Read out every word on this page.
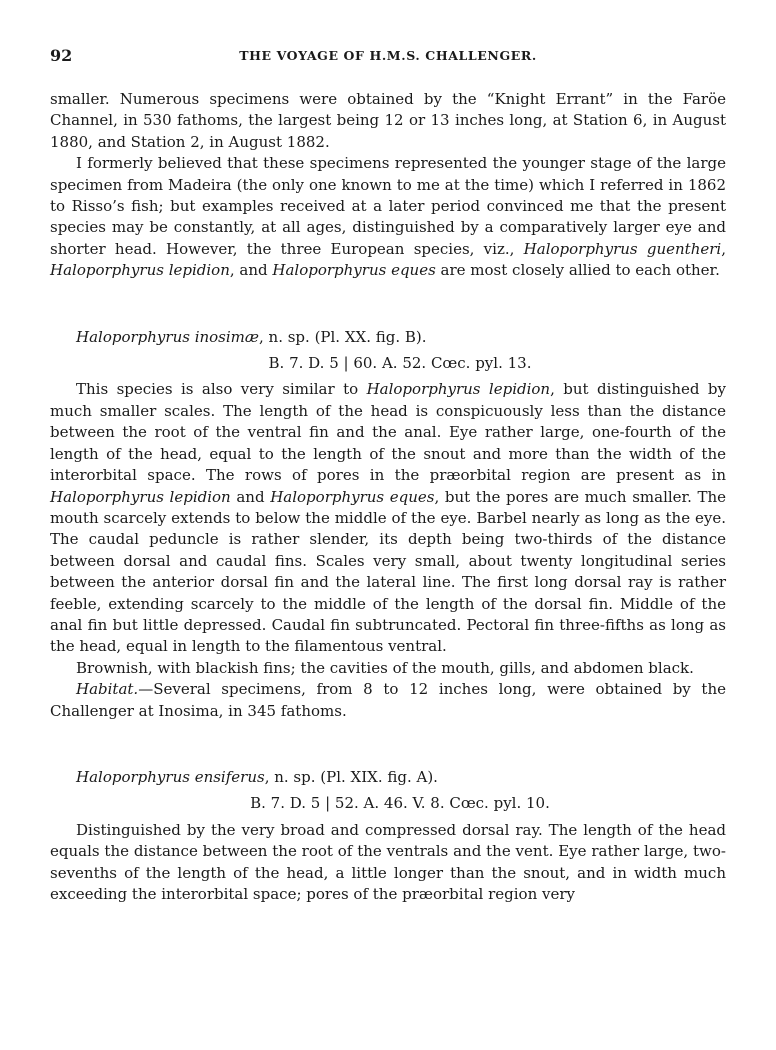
92	THE VOYAGE OF H.M.S. CHALLENGER.

smaller. Numerous specimens were obtained by the “Knight Errant” in the Faröe Channel, in 530 fathoms, the largest being 12 or 13 inches long, at Station 6, in August 1880, and Station 2, in August 1882.

I formerly believed that these specimens represented the younger stage of the large specimen from Madeira (the only one known to me at the time) which I referred in 1862 to Risso’s fish; but examples received at a later period convinced me that the present species may be constantly, at all ages, distinguished by a comparatively larger eye and shorter head. However, the three European species, viz., Haloporphyrus guentheri, Haloporphyrus lepidion, and Haloporphyrus eques are most closely allied to each other.

Haloporphyrus inosimæ, n. sp. (Pl. XX. fig. B).

B. 7. D. 5 | 60. A. 52. Cœc. pyl. 13.

This species is also very similar to Haloporphyrus lepidion, but distinguished by much smaller scales. The length of the head is conspicuously less than the distance between the root of the ventral fin and the anal. Eye rather large, one-fourth of the length of the head, equal to the length of the snout and more than the width of the interorbital space. The rows of pores in the præorbital region are present as in Haloporphyrus lepidion and Haloporphyrus eques, but the pores are much smaller. The mouth scarcely extends to below the middle of the eye. Barbel nearly as long as the eye. The caudal peduncle is rather slender, its depth being two-thirds of the distance between dorsal and caudal fins. Scales very small, about twenty longitudinal series between the anterior dorsal fin and the lateral line. The first long dorsal ray is rather feeble, extending scarcely to the middle of the length of the dorsal fin. Middle of the anal fin but little depressed. Caudal fin subtruncated. Pectoral fin three-fifths as long as the head, equal in length to the filamentous ventral.

Brownish, with blackish fins; the cavities of the mouth, gills, and abdomen black.

Habitat.—Several specimens, from 8 to 12 inches long, were obtained by the Challenger at Inosima, in 345 fathoms.

Haloporphyrus ensiferus, n. sp. (Pl. XIX. fig. A).

B. 7. D. 5 | 52. A. 46. V. 8. Cœc. pyl. 10.

Distinguished by the very broad and compressed dorsal ray. The length of the head equals the distance between the root of the ventrals and the vent. Eye rather large, two-sevenths of the length of the head, a little longer than the snout, and in width much exceeding the interorbital space; pores of the præorbital region very
